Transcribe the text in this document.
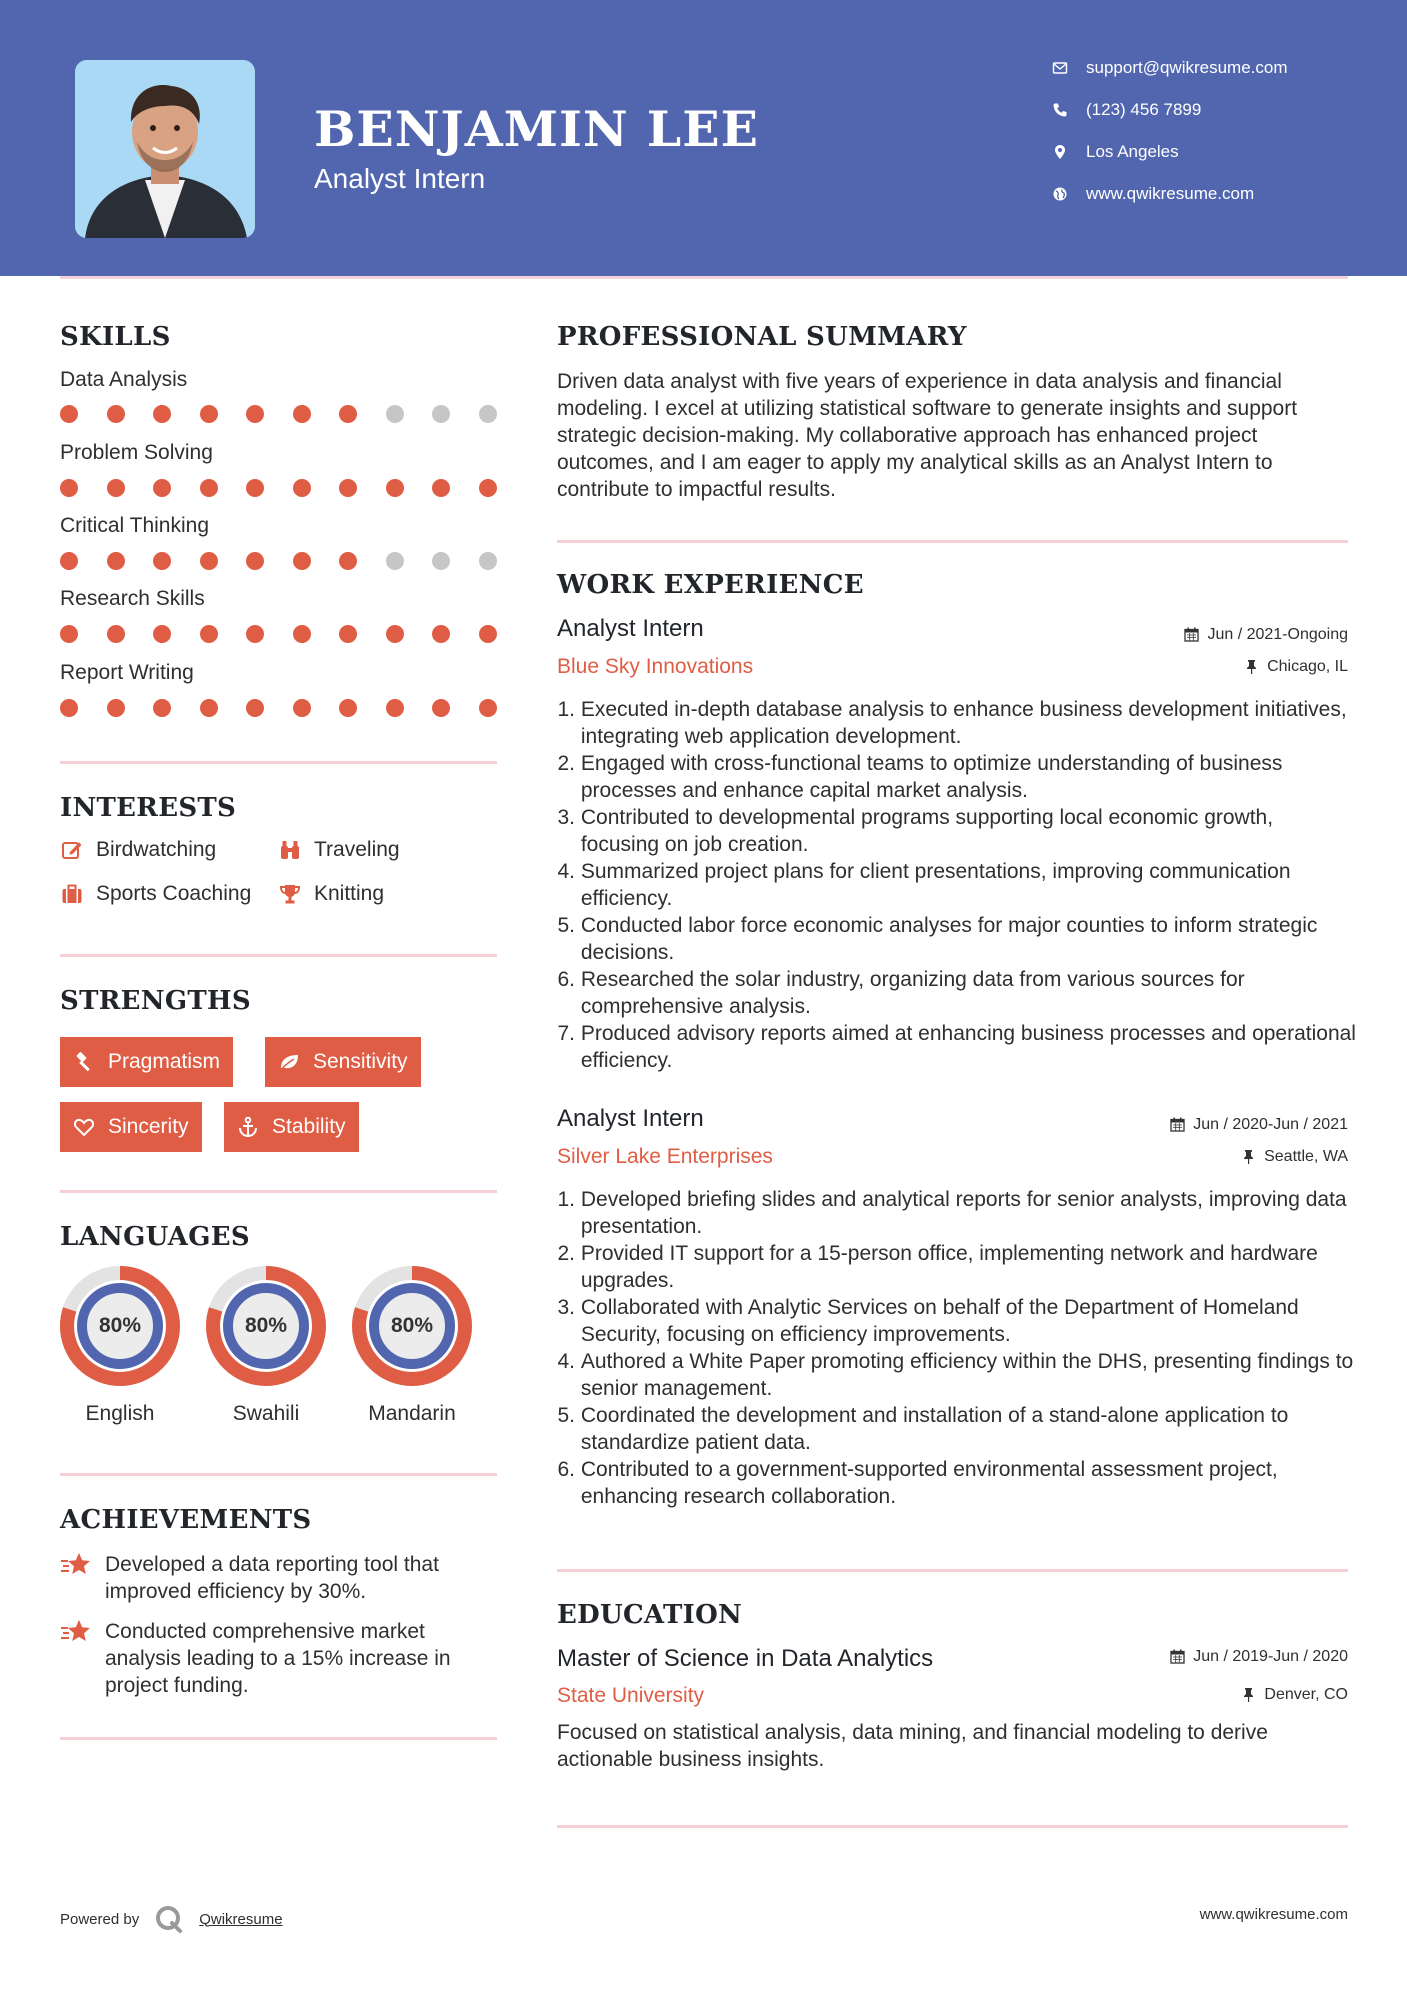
BENJAMIN LEE
Analyst Intern
support@qwikresume.com
(123) 456 7899
Los Angeles
www.qwikresume.com
SKILLS
Data Analysis
Problem Solving
Critical Thinking
Research Skills
Report Writing
INTERESTS
Birdwatching	Traveling
Sports Coaching	Knitting
STRENGTHS
Pragmatism	Sensitivity
Sincerity	Stability
LANGUAGES
80%
English
80%
Swahili
80%
Mandarin
ACHIEVEMENTS
Developed a data reporting tool that improved efficiency by 30%.
Conducted comprehensive market analysis leading to a 15% increase in project funding.
PROFESSIONAL SUMMARY
Driven data analyst with five years of experience in data analysis and financial modeling. I excel at utilizing statistical software to generate insights and support strategic decision-making. My collaborative approach has enhanced project outcomes, and I am eager to apply my analytical skills as an Analyst Intern to contribute to impactful results.
WORK EXPERIENCE
Analyst Intern	Jun / 2021-Ongoing
Blue Sky Innovations	Chicago, IL
1.
Executed in-depth database analysis to enhance business development initiatives, integrating web application development.
2.
Engaged with cross-functional teams to optimize understanding of business processes and enhance capital market analysis.
3.
Contributed to developmental programs supporting local economic growth, focusing on job creation.
4.
Summarized project plans for client presentations, improving communication efficiency.
5.
Conducted labor force economic analyses for major counties to inform strategic decisions.
6.
Researched the solar industry, organizing data from various sources for comprehensive analysis.
7.
Produced advisory reports aimed at enhancing business processes and operational efficiency.
Analyst Intern	Jun / 2020-Jun / 2021
Silver Lake Enterprises	Seattle, WA
1.
Developed briefing slides and analytical reports for senior analysts, improving data presentation.
2.
Provided IT support for a 15-person office, implementing network and hardware upgrades.
3.
Collaborated with Analytic Services on behalf of the Department of Homeland Security, focusing on efficiency improvements.
4.
Authored a White Paper promoting efficiency within the DHS, presenting findings to senior management.
5.
Coordinated the development and installation of a stand-alone application to standardize patient data.
6.
Contributed to a government-supported environmental assessment project, enhancing research collaboration.
EDUCATION
Master of Science in Data Analytics	Jun / 2019-Jun / 2020
State University	Denver, CO
Focused on statistical analysis, data mining, and financial modeling to derive actionable business insights.
Powered by	Qwikresume	www.qwikresume.com
